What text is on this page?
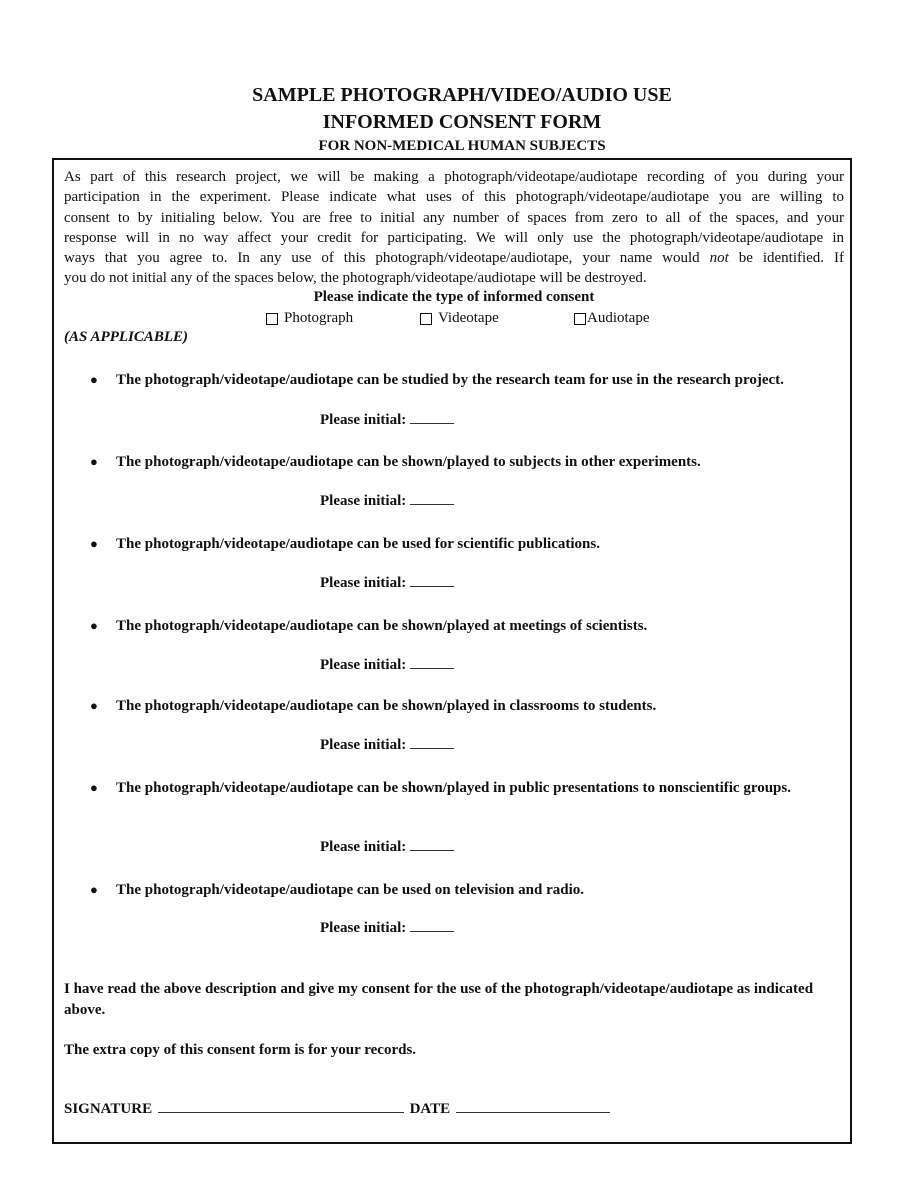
SAMPLE PHOTOGRAPH/VIDEO/AUDIO USE
INFORMED CONSENT FORM
FOR NON-MEDICAL HUMAN SUBJECTS

As part of this research project, we will be making a photograph/videotape/audiotape recording of you during your
participation in the experiment. Please indicate what uses of this photograph/videotape/audiotape you are willing to
consent to by initialing below. You are free to initial any number of spaces from zero to all of the spaces, and your
response will in no way affect your credit for participating. We will only use the photograph/videotape/audiotape in
ways that you agree to. In any use of this photograph/videotape/audiotape, your name would not be identified. If
you do not initial any of the spaces below, the photograph/videotape/audiotape will be destroyed.

Please indicate the type of informed consent

Photograph	Videotape	Audiotape

(AS APPLICABLE)

● The photograph/videotape/audiotape can be studied by the research team for use in the research project.

Please initial:
● The photograph/videotape/audiotape can be shown/played to subjects in other experiments.

Please initial:
● The photograph/videotape/audiotape can be used for scientific publications.

Please initial:
● The photograph/videotape/audiotape can be shown/played at meetings of scientists.

Please initial:
● The photograph/videotape/audiotape can be shown/played in classrooms to students.

Please initial:
● The photograph/videotape/audiotape can be shown/played in public presentations to nonscientific groups.

Please initial:
● The photograph/videotape/audiotape can be used on television and radio.

Please initial:

I have read the above description and give my consent for the use of the photograph/videotape/audiotape as indicated above.

The extra copy of this consent form is for your records.

SIGNATURE	DATE
